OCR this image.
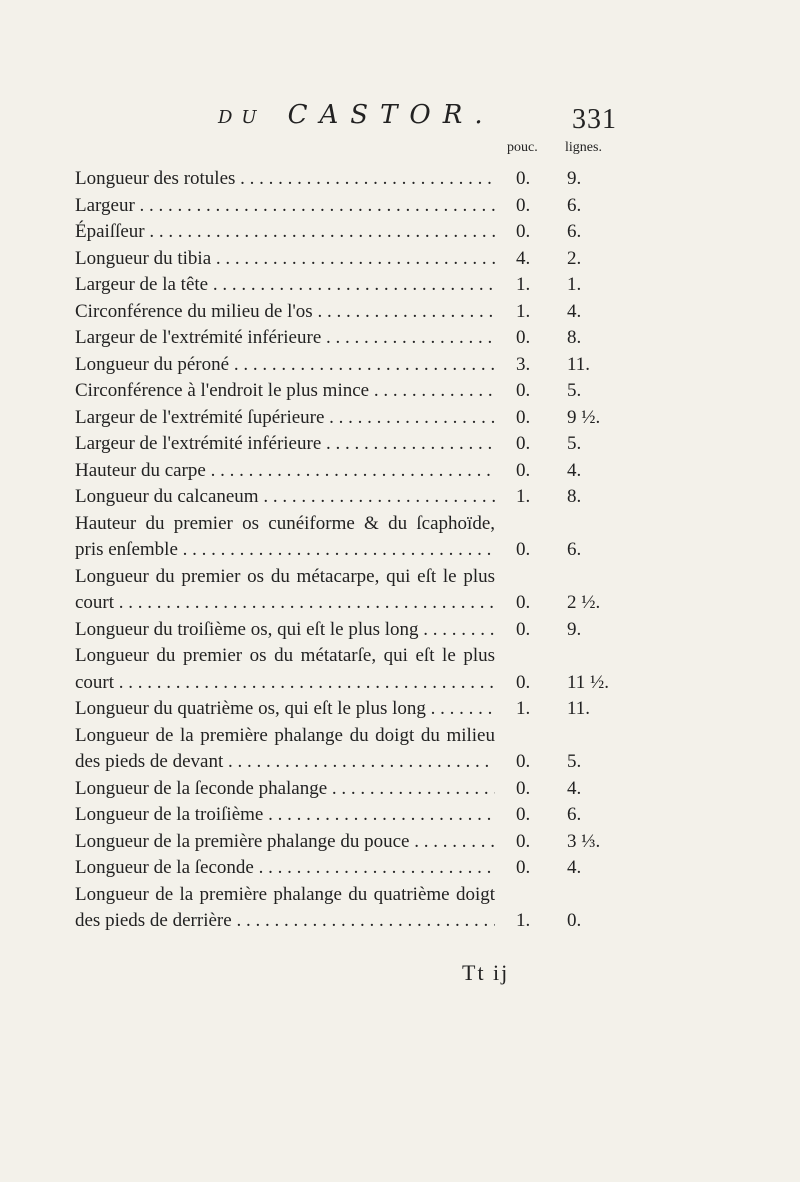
DU CASTOR.	331
pouc. lignes.
Longueur des rotules . . .	0.	9.
Largeur . . .	0.	6.
Épaiſſeur . . .	0.	6.
Longueur du tibia . . .	4.	2.
Largeur de la tête . . .	1.	1.
Circonférence du milieu de l'os . . .	1.	4.
Largeur de l'extrémité inférieure . . .	0.	8.
Longueur du péroné . . .	3.	11.
Circonférence à l'endroit le plus mince . . .	0.	5.
Largeur de l'extrémité ſupérieure . . .	0.	9 ½.
Largeur de l'extrémité inférieure . . .	0.	5.
Hauteur du carpe . . .	0.	4.
Longueur du calcaneum . . .	1.	8.
Hauteur du premier os cunéiforme & du ſcaphoïde,
pris enſemble . . .	0.	6.
Longueur du premier os du métacarpe, qui eſt le plus
court . . .	0.	2 ½.
Longueur du troiſième os, qui eſt le plus long . . .	0.	9.
Longueur du premier os du métatarſe, qui eſt le plus
court . . .	0.	11 ½.
Longueur du quatrième os, qui eſt le plus long . . .	1.	11.
Longueur de la première phalange du doigt du milieu
des pieds de devant . . .	0.	5.
Longueur de la ſeconde phalange . . .	0.	4.
Longueur de la troiſième . . .	0.	6.
Longueur de la première phalange du pouce . . .	0.	3 ⅓.
Longueur de la ſeconde . . .	0.	4.
Longueur de la première phalange du quatrième doigt
des pieds de derrière . . .	1.	0.
Tt ij
